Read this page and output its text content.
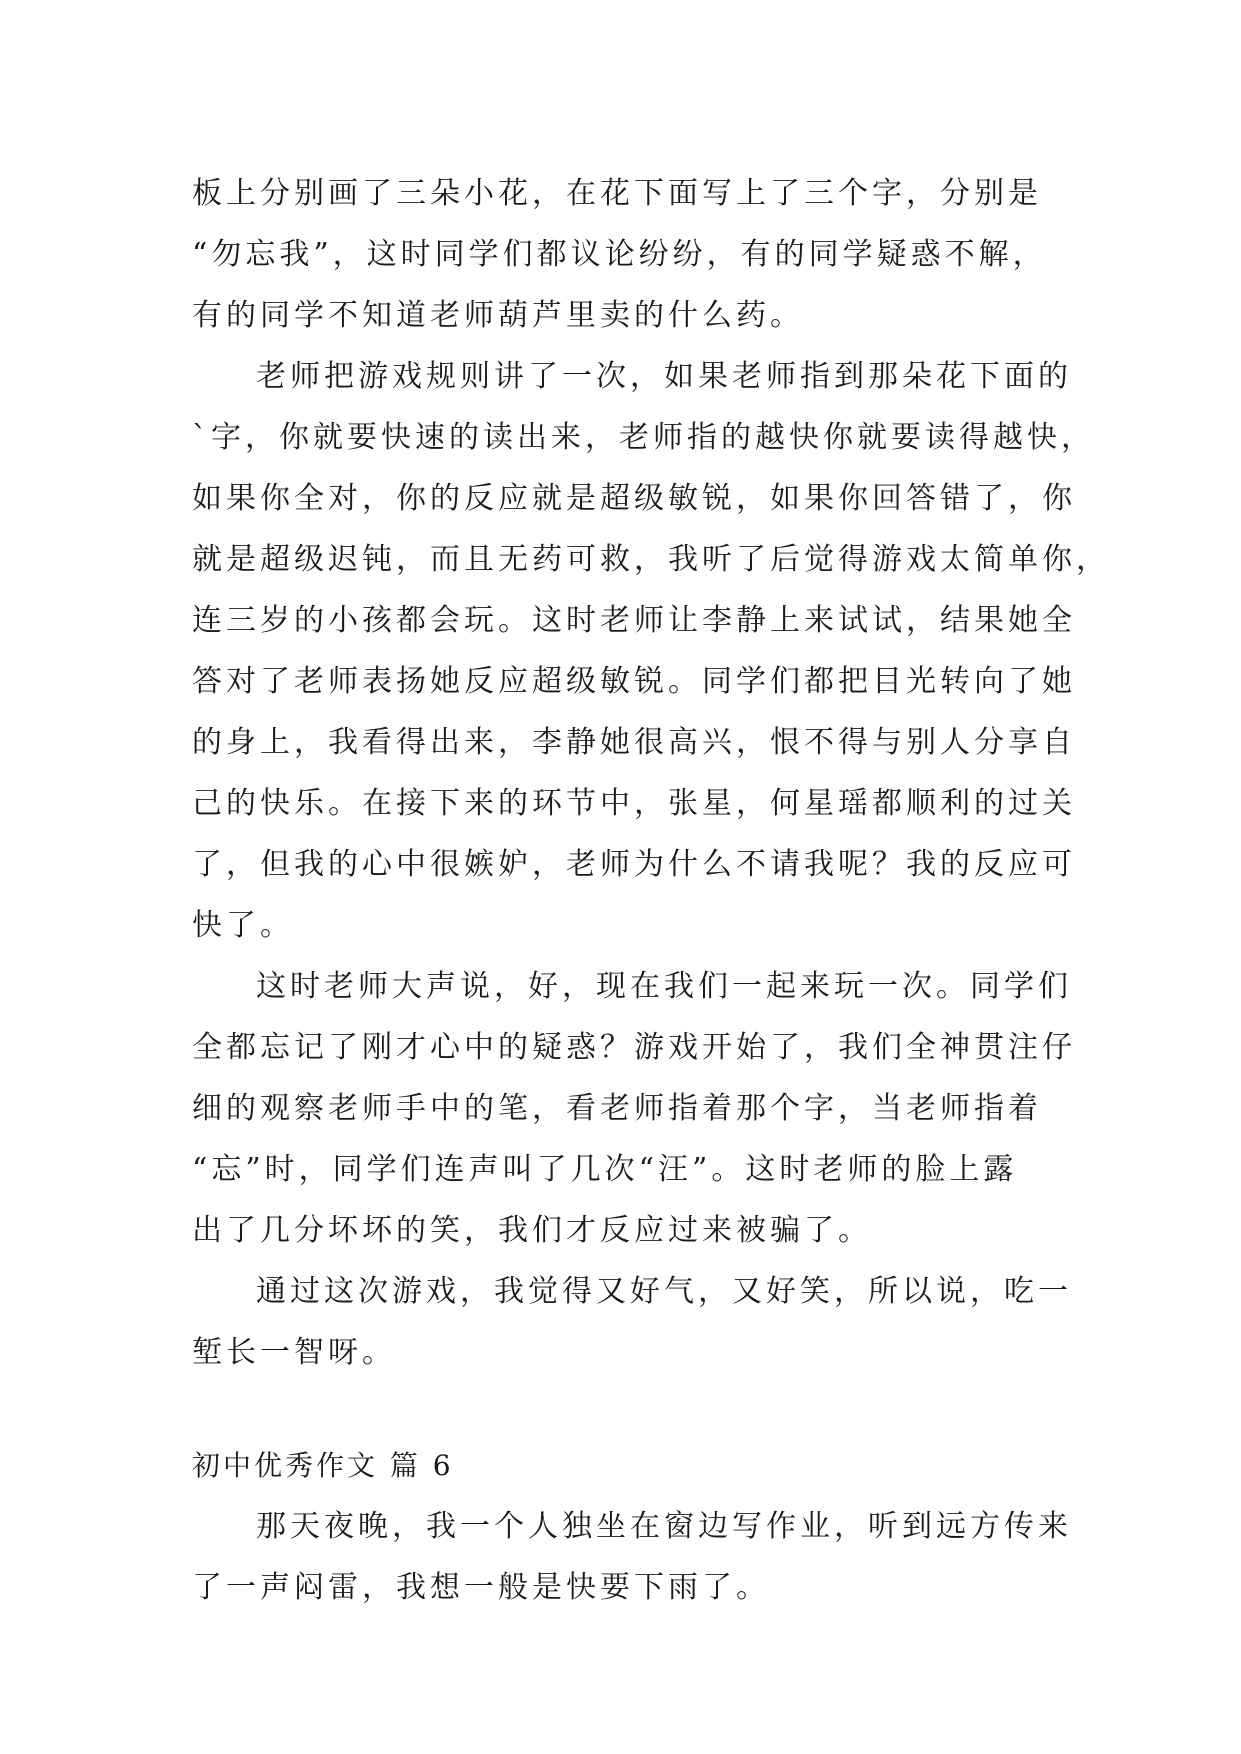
板上分别画了三朵小花，在花下面写上了三个字，分别是
“勿忘我”，这时同学们都议论纷纷，有的同学疑惑不解，
有的同学不知道老师葫芦里卖的什么药。
老师把游戏规则讲了一次，如果老师指到那朵花下面的
`字，你就要快速的读出来，老师指的越快你就要读得越快，
如果你全对，你的反应就是超级敏锐，如果你回答错了，你
就是超级迟钝，而且无药可救，我听了后觉得游戏太简单你，
连三岁的小孩都会玩。这时老师让李静上来试试，结果她全
答对了老师表扬她反应超级敏锐。同学们都把目光转向了她
的身上，我看得出来，李静她很高兴，恨不得与别人分享自
己的快乐。在接下来的环节中，张星，何星瑶都顺利的过关
了，但我的心中很嫉妒，老师为什么不请我呢？我的反应可
快了。
这时老师大声说，好，现在我们一起来玩一次。同学们
全都忘记了刚才心中的疑惑？游戏开始了，我们全神贯注仔
细的观察老师手中的笔，看老师指着那个字，当老师指着
“忘”时，同学们连声叫了几次“汪”。这时老师的脸上露
出了几分坏坏的笑，我们才反应过来被骗了。
通过这次游戏，我觉得又好气，又好笑，所以说，吃一
堑长一智呀。
初中优秀作文 篇 6
那天夜晚，我一个人独坐在窗边写作业，听到远方传来
了一声闷雷，我想一般是快要下雨了。
